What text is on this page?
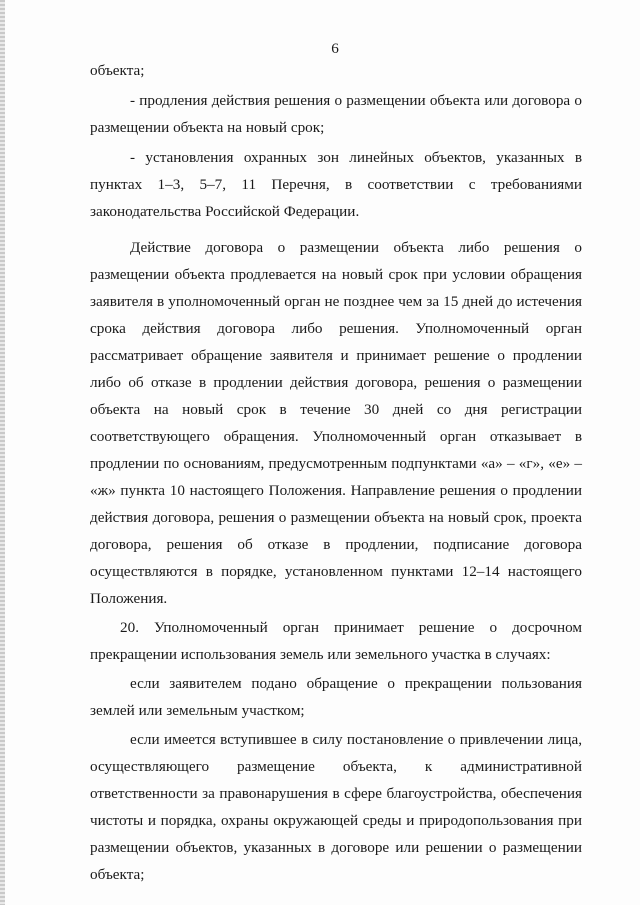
6
объекта;
- продления действия решения о размещении объекта или договора о
размещении объекта на новый срок;
- установления охранных зон линейных объектов, указанных в
пунктах 1–3, 5–7, 11 Перечня, в соответствии с требованиями
законодательства Российской Федерации.
Действие договора о размещении объекта либо решения о
размещении объекта продлевается на новый срок при условии обращения
заявителя в уполномоченный орган не позднее чем за 15 дней до истечения
срока действия договора либо решения. Уполномоченный орган
рассматривает обращение заявителя и принимает решение о продлении
либо об отказе в продлении действия договора, решения о размещении
объекта на новый срок в течение 30 дней со дня регистрации
соответствующего обращения. Уполномоченный орган отказывает в
продлении по основаниям, предусмотренным подпунктами «а» – «г», «е» –
«ж» пункта 10 настоящего Положения. Направление решения о продлении
действия договора, решения о размещении объекта на новый срок, проекта
договора, решения об отказе в продлении, подписание договора
осуществляются в порядке, установленном пунктами 12–14 настоящего
Положения.
20. Уполномоченный орган принимает решение о досрочном
прекращении использования земель или земельного участка в случаях:
если заявителем подано обращение о прекращении пользования
землей или земельным участком;
если имеется вступившее в силу постановление о привлечении лица,
осуществляющего размещение объекта, к административной
ответственности за правонарушения в сфере благоустройства, обеспечения
чистоты и порядка, охраны окружающей среды и природопользования при
размещении объектов, указанных в договоре или решении о размещении
объекта;
